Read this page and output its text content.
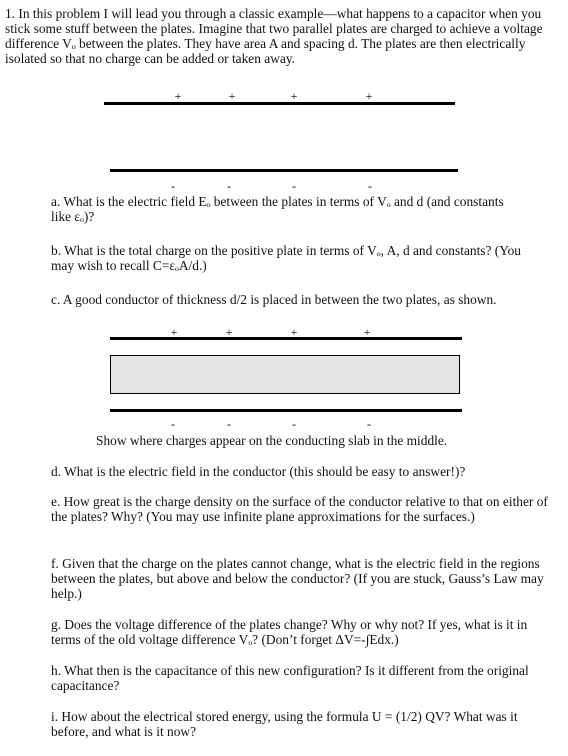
1. In this problem I will lead you through a classic example—what happens to a capacitor when you stick some stuff between the plates. Imagine that two parallel plates are charged to achieve a voltage difference Vₒ between the plates. They have area A and spacing d. The plates are then electrically isolated so that no charge can be added or taken away.

+	+	+	+
-	-	-	-
+	+	+	+
-	-	-	-

a. What is the electric field Eₒ between the plates in terms of Vₒ and d (and constants like εₒ)?

b. What is the total charge on the positive plate in terms of Vₒ, A, d and constants? (You may wish to recall C=εₒA/d.)

c. A good conductor of thickness d/2 is placed in between the two plates, as shown.

Show where charges appear on the conducting slab in the middle.

d. What is the electric field in the conductor (this should be easy to answer!)?

e. How great is the charge density on the surface of the conductor relative to that on either of the plates? Why? (You may use infinite plane approximations for the surfaces.)

f. Given that the charge on the plates cannot change, what is the electric field in the regions between the plates, but above and below the conductor? (If you are stuck, Gauss’s Law may help.)

g. Does the voltage difference of the plates change? Why or why not? If yes, what is it in terms of the old voltage difference Vₒ? (Don’t forget ΔV=-∫Edx.)

h. What then is the capacitance of this new configuration? Is it different from the original capacitance?

i. How about the electrical stored energy, using the formula U = (1/2) QV? What was it before, and what is it now?
